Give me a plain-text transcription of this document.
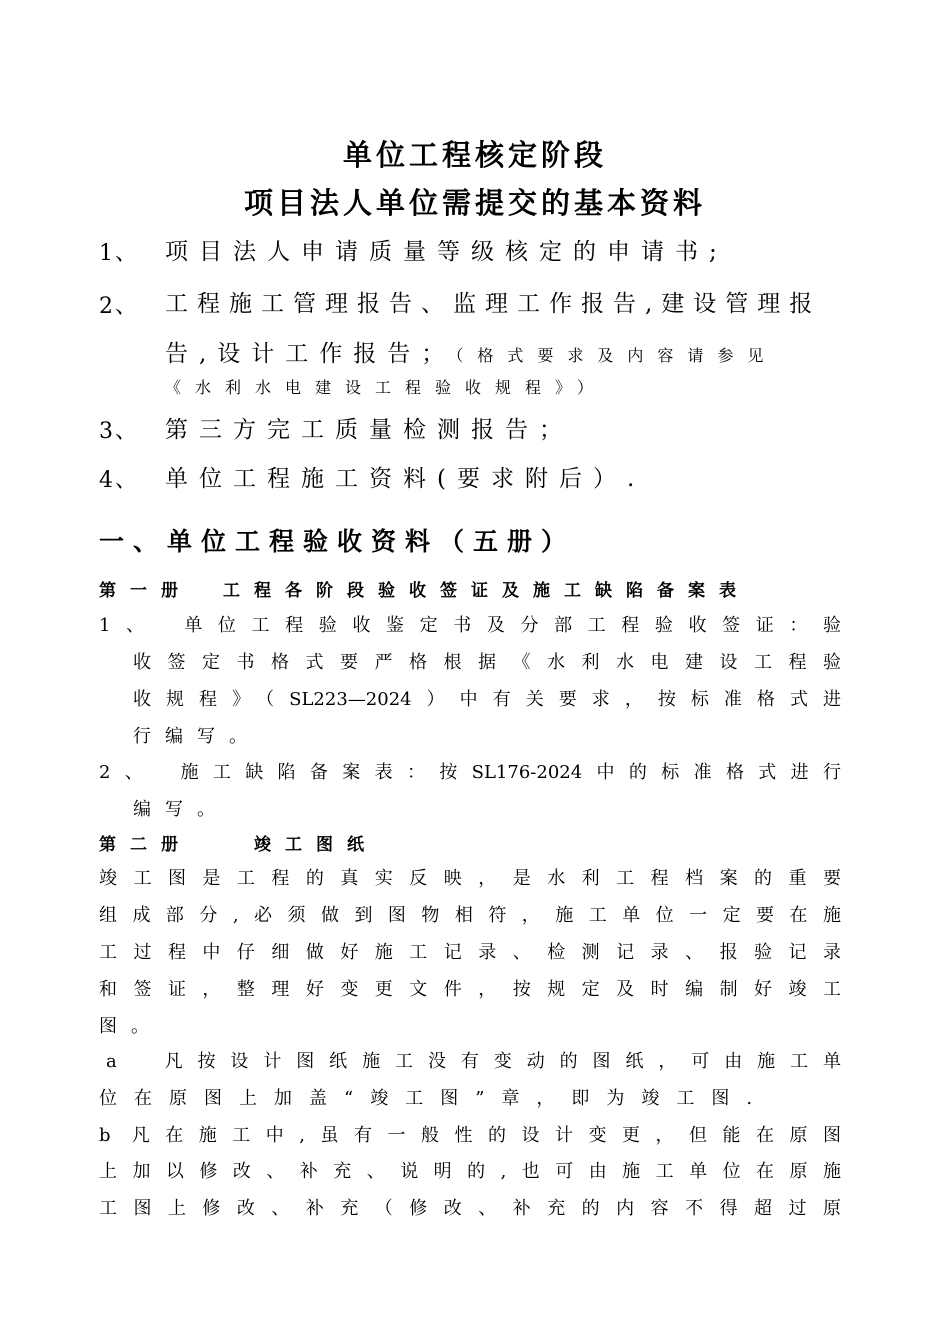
单位工程核定阶段
项目法人单位需提交的基本资料
1、 项目法人申请质量等级核定的申请书;
2、 工程施工管理报告、监理工作报告,建设管理报
告,设计工作报告；（格式要求及内容请参见
《水利水电建设工程验收规程》）
3、 第三方完工质量检测报告；
4、 单位工程施工资料(要求附后）.
一、单位工程验收资料（五册）
第一册　工程各阶段验收签证及施工缺陷备案表
1、　单位工程验收鉴定书及分部工程验收签证：验
收签定书格式要严格根据《水利水电建设工程验
收规程》（SL223—2024）中有关要求，按标准格式进
行编写。
2、　施工缺陷备案表：按SL176-2024中的标准格式进行
编写。
第二册　　竣工图纸
竣工图是工程的真实反映，是水利工程档案的重要
组成部分,必须做到图物相符，施工单位一定要在施
工过程中仔细做好施工记录、检测记录、报验记录
和签证，整理好变更文件，按规定及时编制好竣工
图。
a　凡按设计图纸施工没有变动的图纸，可由施工单
位在原图上加盖“竣工图”章，即为竣工图.
b 凡在施工中,虽有一般性的设计变更，但能在原图
上加以修改、补充、说明的,也可由施工单位在原施
工图上修改、补充（修改、补充的内容不得超过原
